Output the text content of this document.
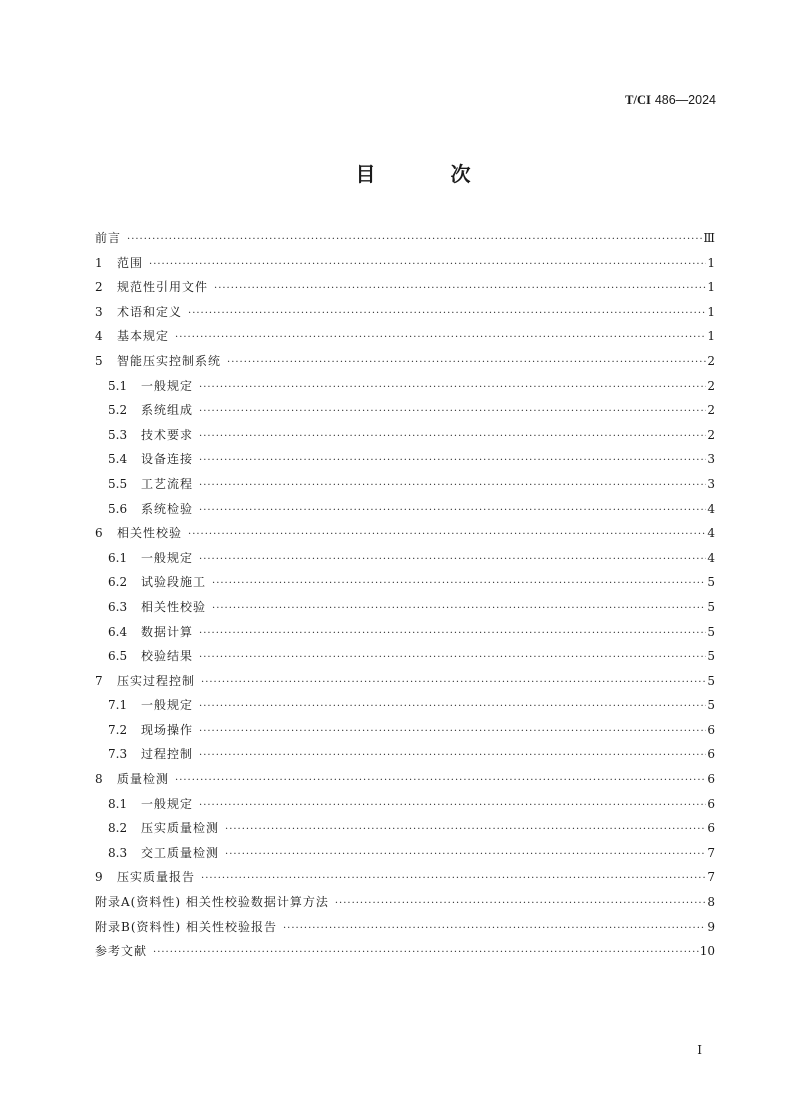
T/CI 486—2024
目 次
前言 ·····	Ⅲ
1	范围 ·····	1
2	规范性引用文件 ·····	1
3	术语和定义 ·····	1
4	基本规定 ·····	1
5	智能压实控制系统 ·····	2
5.1	一般规定 ·····	2
5.2	系统组成 ·····	2
5.3	技术要求 ·····	2
5.4	设备连接 ·····	3
5.5	工艺流程 ·····	3
5.6	系统检验 ·····	4
6	相关性校验 ·····	4
6.1	一般规定 ·····	4
6.2	试验段施工 ·····	5
6.3	相关性校验 ·····	5
6.4	数据计算 ·····	5
6.5	校验结果 ·····	5
7	压实过程控制 ·····	5
7.1	一般规定 ·····	5
7.2	现场操作 ·····	6
7.3	过程控制 ·····	6
8	质量检测 ·····	6
8.1	一般规定 ·····	6
8.2	压实质量检测 ·····	6
8.3	交工质量检测 ·····	7
9	压实质量报告 ·····	7
附录A(资料性) 相关性校验数据计算方法 ·····	8
附录B(资料性) 相关性校验报告 ·····	9
参考文献 ·····	10
I
